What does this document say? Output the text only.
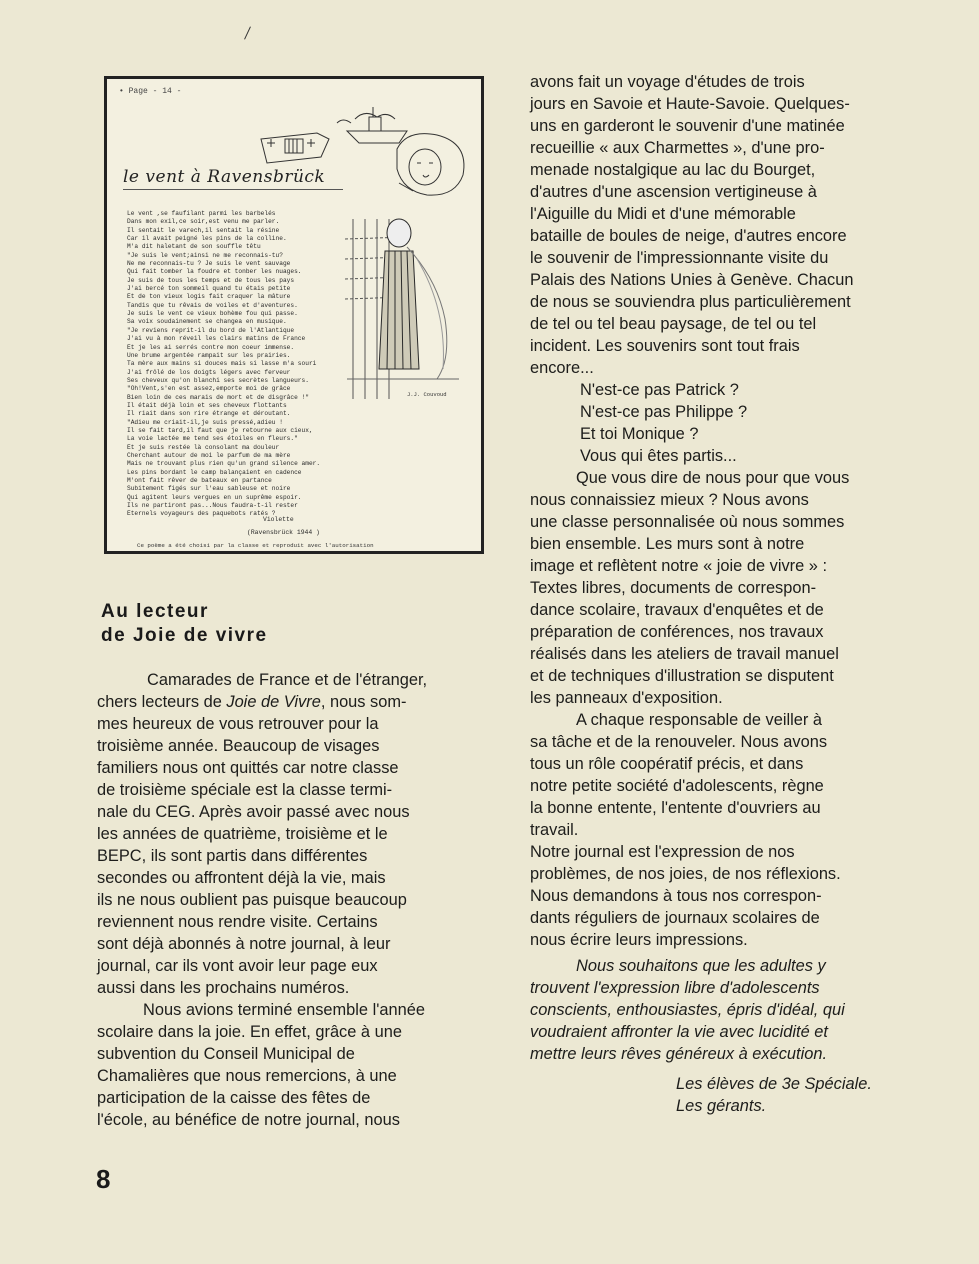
• Page - 14 -
le vent à Ravensbrück
Le vent ,se faufilant parmi les barbelés
Dans mon exil,ce soir,est venu me parler.
Il sentait le varech,il sentait la résine
Car il avait peigné les pins de la colline.
M'a dit haletant de son souffle têtu
"Je suis le vent;ainsi ne me reconnais-tu?
Ne me reconnais-tu ? Je suis le vent sauvage
Qui fait tomber la foudre et tonber les nuages.
Je suis de tous les temps et de tous les pays
J'ai bercé ton sommeil quand tu étais petite
Et de ton vieux logis fait craquer la mâture
Tandis que tu rêvais de voiles et d'aventures.
Je suis le vent ce vieux bohème fou qui passe.
Sa voix soudainement se changea en musique.
"Je reviens reprit-il du bord de l'Atlantique
J'ai vu à mon réveil les clairs matins de France
Et je les ai serrés contre mon coeur immense.
Une brume argentée rampait sur les prairies.
Ta mère aux mains si douces mais si lasse m'a souri
J'ai frôlé de los doigts légers avec ferveur
Ses cheveux qu'on blanchi ses secrètes langueurs.
"Oh!Vent,s'en est assez,emporte moi de grâce
Bien loin de ces marais de mort et de disgrâce !"
Il était déjà loin et ses cheveux flottants
Il riait dans son rire étrange et déroutant.
"Adieu me criait-il,je suis pressé,adieu !
Il se fait tard,il faut que je retourne aux cieux,
La voie lactée me tend ses étoiles en fleurs."
Et je suis restée là consolant ma douleur
Cherchant autour de moi le parfum de ma mère
Mais ne trouvant plus rien qu'un grand silence amer.
Les pins bordant le camp balançaient en cadence
M'ont fait rêver de bateaux en partance
Subitement figés sur l'eau sableuse et noire
Qui agitent leurs vergues en un suprême espoir.
Ils ne partiront pas...Nous faudra-t-il rester
Eternels voyageurs des paquebots ratés ?
J.J. Couvoud
Violette
(Ravensbrück 1944 )
Ce poème a été choisi par la classe et reproduit avec l'autorisation
des " Francaises de Ravensbrück "
Au lecteur
de Joie de vivre
Camarades de France et de l'étranger,
chers lecteurs de Joie de Vivre, nous som-
mes heureux de vous retrouver pour la
troisième année. Beaucoup de visages
familiers nous ont quittés car notre classe
de troisième spéciale est la classe termi-
nale du CEG. Après avoir passé avec nous
les années de quatrième, troisième et le
BEPC, ils sont partis dans différentes
secondes ou affrontent déjà la vie, mais
ils ne nous oublient pas puisque beaucoup
reviennent nous rendre visite. Certains
sont déjà abonnés à notre journal, à leur
journal, car ils vont avoir leur page eux
aussi dans les prochains numéros.
Nous avions terminé ensemble l'année
scolaire dans la joie. En effet, grâce à une
subvention du Conseil Municipal de
Chamalières que nous remercions, à une
participation de la caisse des fêtes de
l'école, au bénéfice de notre journal, nous
avons fait un voyage d'études de trois
jours en Savoie et Haute-Savoie. Quelques-
uns en garderont le souvenir d'une matinée
recueillie « aux Charmettes », d'une pro-
menade nostalgique au lac du Bourget,
d'autres d'une ascension vertigineuse à
l'Aiguille du Midi et d'une mémorable
bataille de boules de neige, d'autres encore
le souvenir de l'impressionnante visite du
Palais des Nations Unies à Genève. Chacun
de nous se souviendra plus particulièrement
de tel ou tel beau paysage, de tel ou tel
incident. Les souvenirs sont tout frais
encore...
N'est-ce pas Patrick ?
N'est-ce pas Philippe ?
Et toi Monique ?
Vous qui êtes partis...
Que vous dire de nous pour que vous
nous connaissiez mieux ? Nous avons
une classe personnalisée où nous sommes
bien ensemble. Les murs sont à notre
image et reflètent notre « joie de vivre » :
Textes libres, documents de correspon-
dance scolaire, travaux d'enquêtes et de
préparation de conférences, nos travaux
réalisés dans les ateliers de travail manuel
et de techniques d'illustration se disputent
les panneaux d'exposition.
A chaque responsable de veiller à
sa tâche et de la renouveler. Nous avons
tous un rôle coopératif précis, et dans
notre petite société d'adolescents, règne
la bonne entente, l'entente d'ouvriers au
travail.
Notre journal est l'expression de nos
problèmes, de nos joies, de nos réflexions.
Nous demandons à tous nos correspon-
dants réguliers de journaux scolaires de
nous écrire leurs impressions.
Nous souhaitons que les adultes y
trouvent l'expression libre d'adolescents
conscients, enthousiastes, épris d'idéal, qui
voudraient affronter la vie avec lucidité et
mettre leurs rêves généreux à exécution.
Les élèves de 3e Spéciale.
Les gérants.
8
